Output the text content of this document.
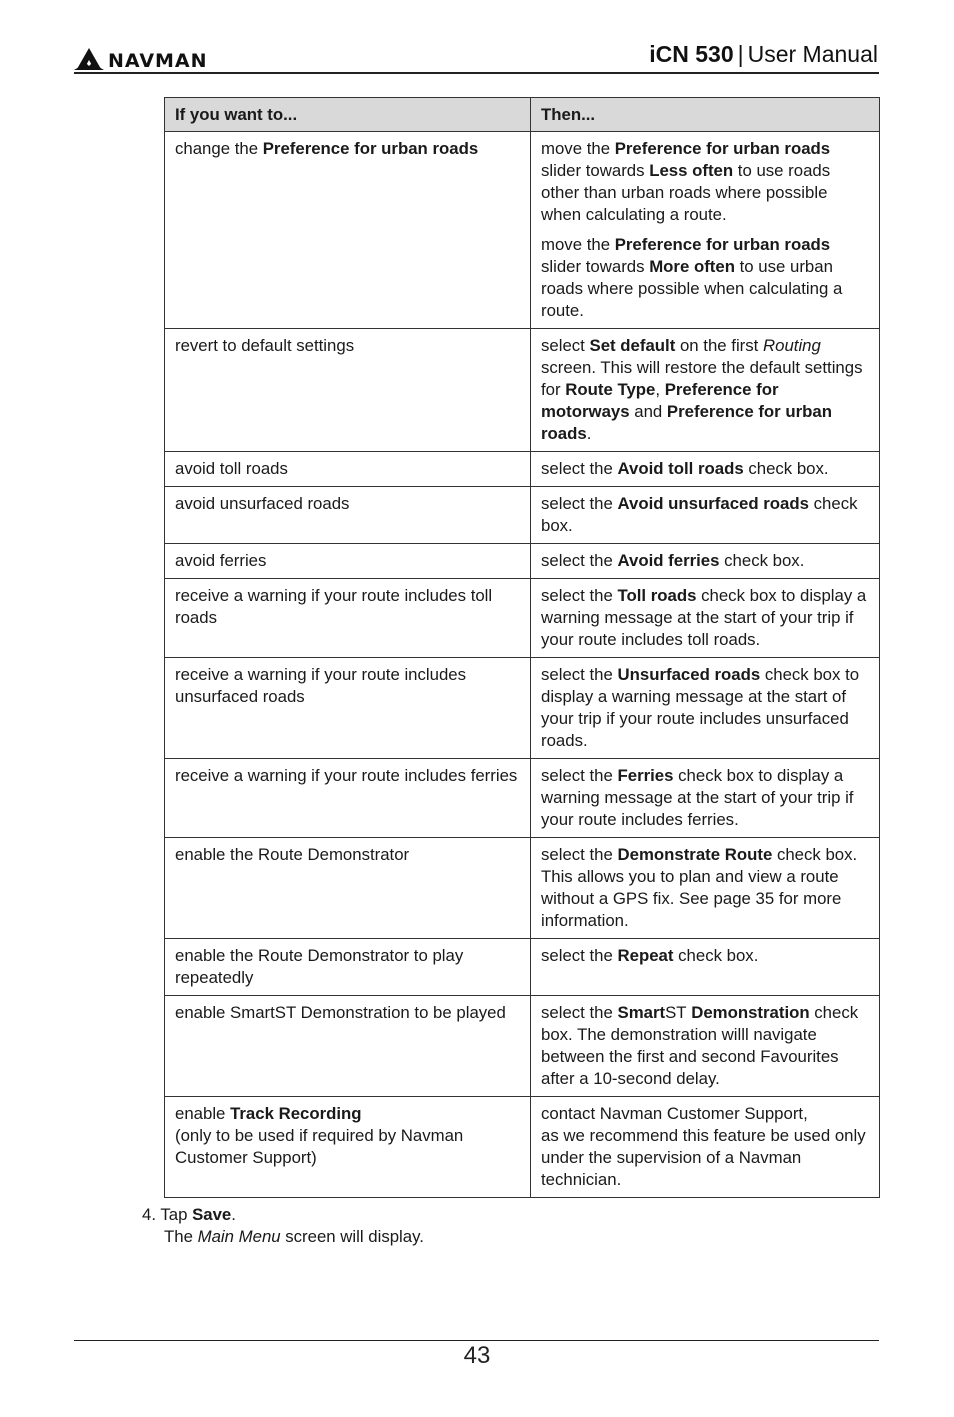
NAVMAN	iCN 530 | User Manual
If you want to...	Then...
change the Preference for urban roads	move the Preference for urban roads slider towards Less often to use roads other than urban roads where possible when calculating a route.

move the Preference for urban roads slider towards More often to use urban roads where possible when calculating a route.

revert to default settings	select Set default on the first Routing screen. This will restore the default settings for Route Type, Preference for motorways and Preference for urban roads.

avoid toll roads	select the Avoid toll roads check box.

avoid unsurfaced roads	select the Avoid unsurfaced roads check box.

avoid ferries	select the Avoid ferries check box.

receive a warning if your route includes toll roads	select the Toll roads check box to display a warning message at the start of your trip if your route includes toll roads.

receive a warning if your route includes unsurfaced roads	select the Unsurfaced roads check box to display a warning message at the start of your trip if your route includes unsurfaced roads.

receive a warning if your route includes ferries	select the Ferries check box to display a warning message at the start of your trip if your route includes ferries.

enable the Route Demonstrator	select the Demonstrate Route check box. This allows you to plan and view a route without a GPS fix. See page 35 for more information.

enable the Route Demonstrator to play repeatedly	select the Repeat check box.

enable SmartST Demonstration to be played	select the SmartST Demonstration check box. The demonstration willl navigate between the first and second Favourites after a 10-second delay.

enable Track Recording
(only to be used if required by Navman Customer Support)	contact Navman Customer Support,
as we recommend this feature be used only under the supervision of a Navman technician.

4. Tap Save.
The Main Menu screen will display.
43
